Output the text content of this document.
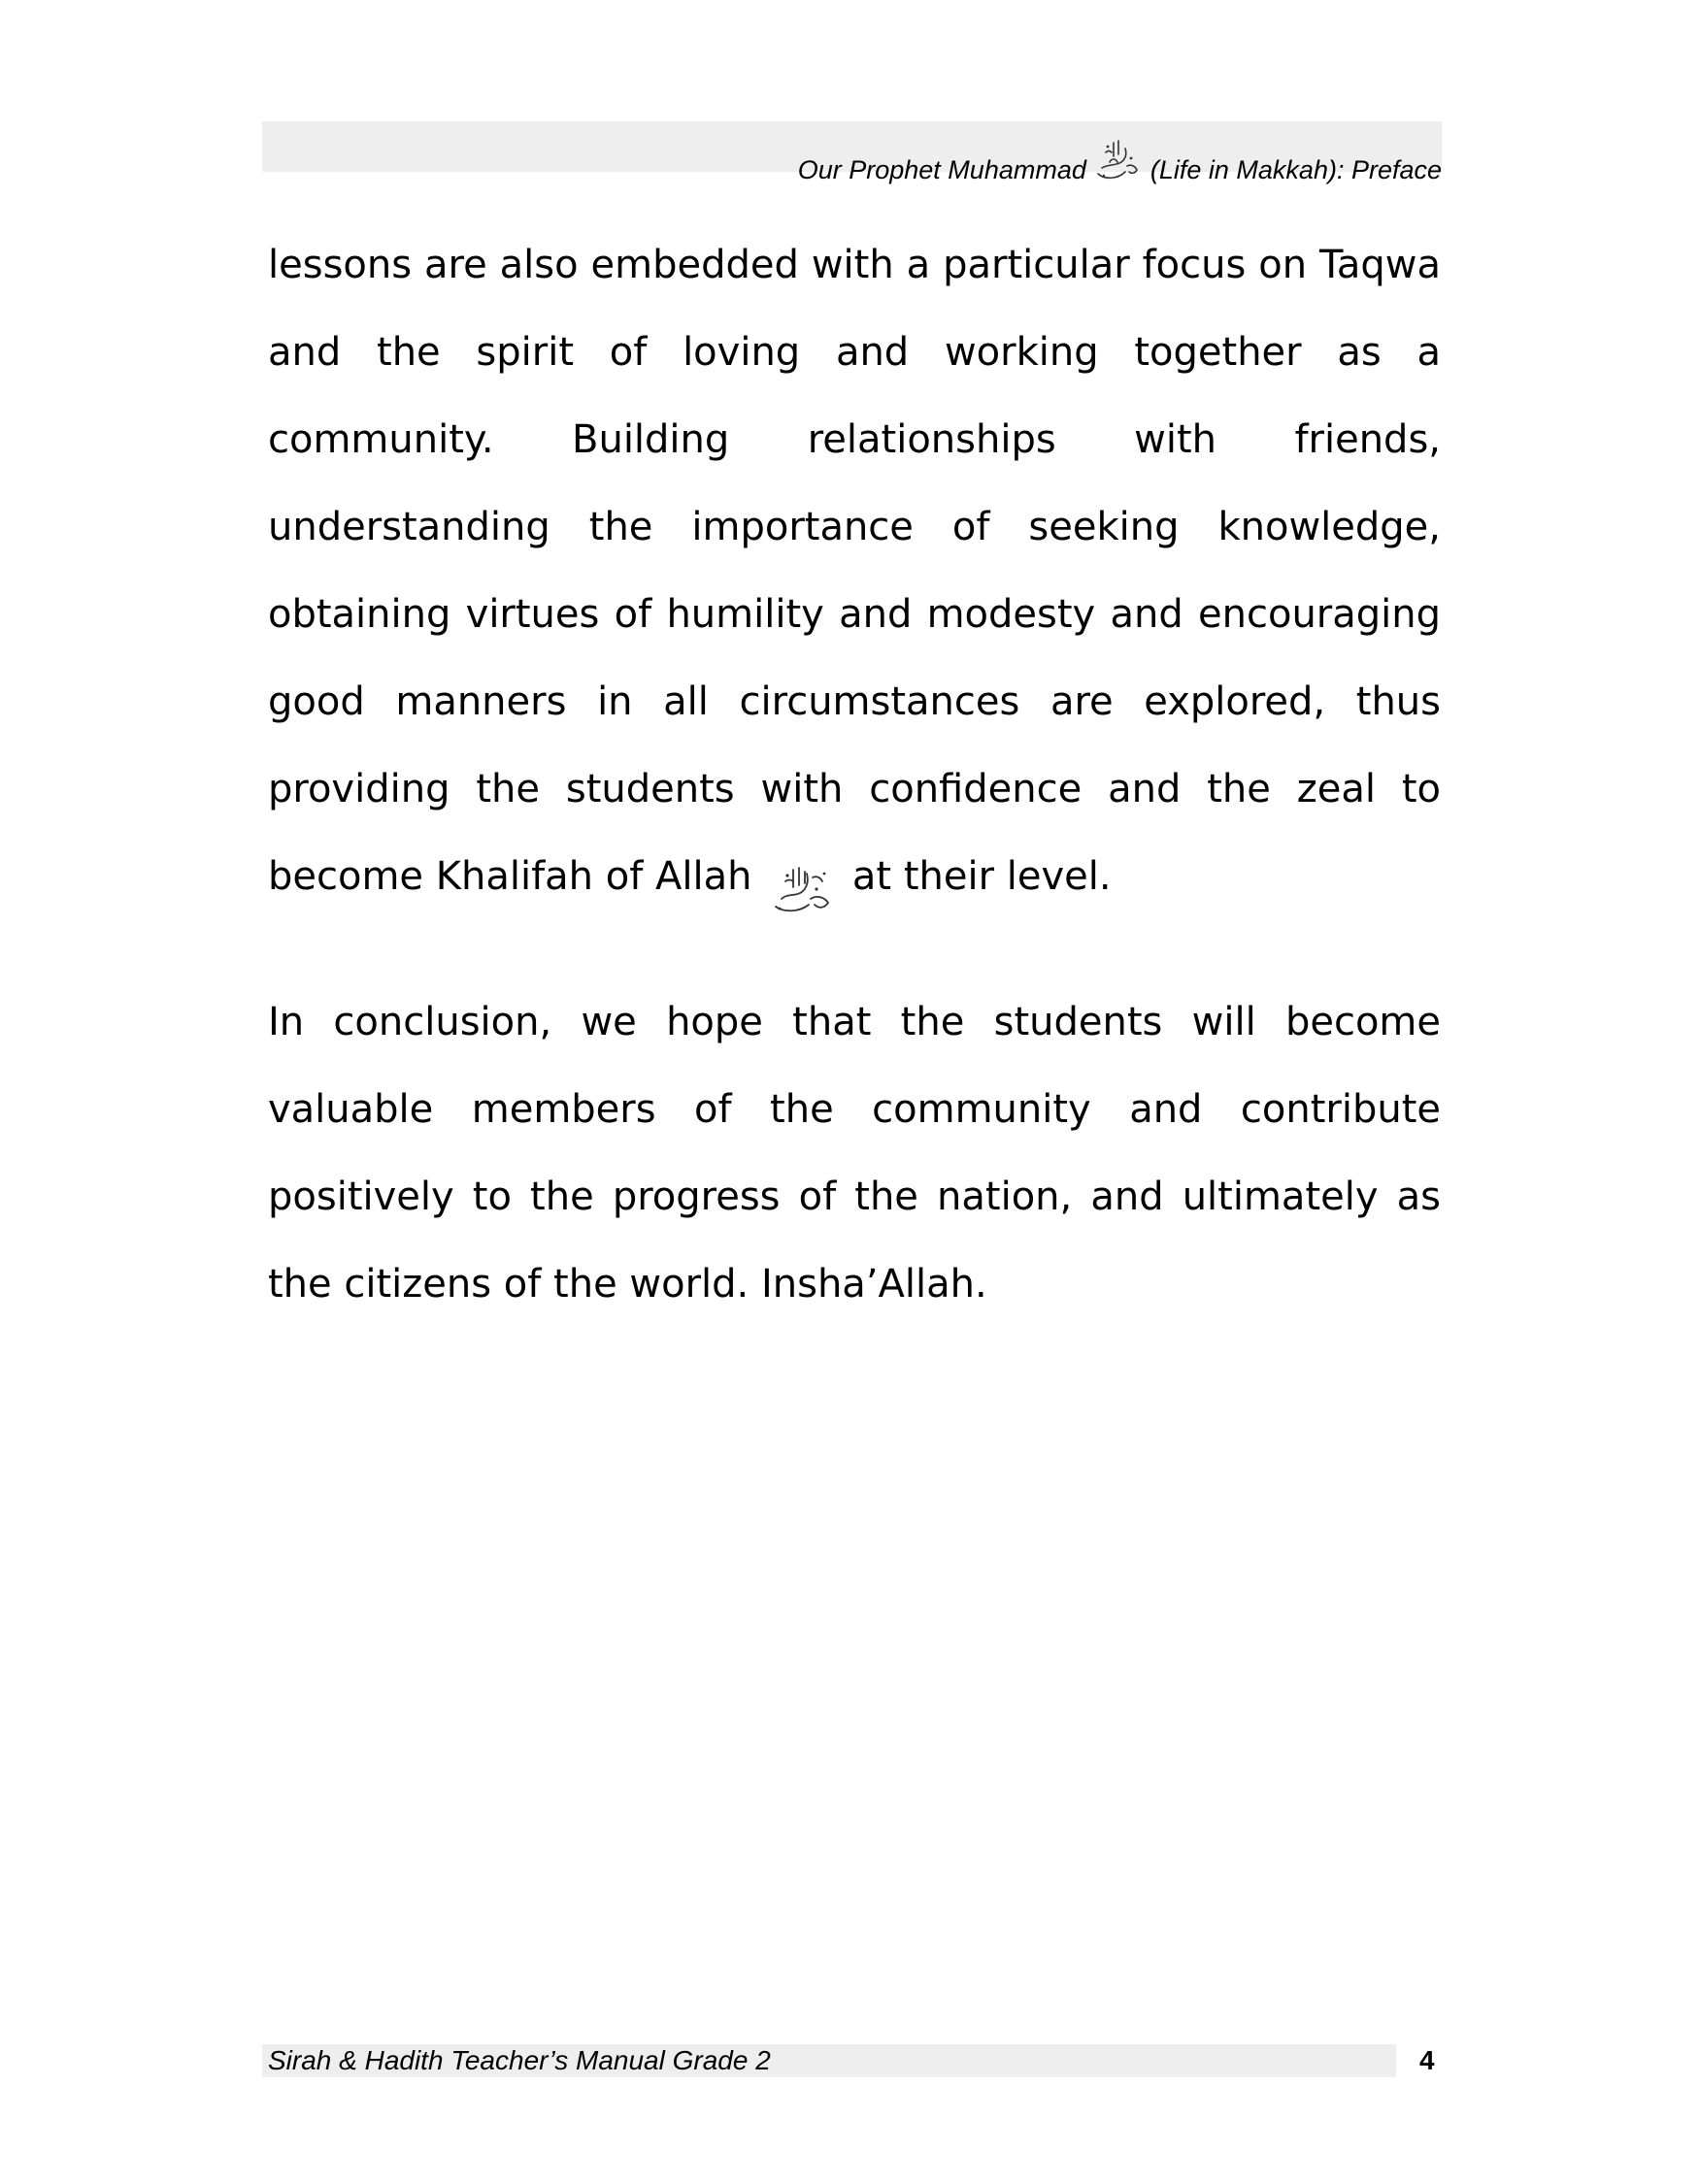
Our Prophet Muhammad (Life in Makkah): Preface

lessons are also embedded with a particular focus on Taqwa and the spirit of loving and working together as a community. Building relationships with friends, understanding the importance of seeking knowledge, obtaining virtues of humility and modesty and encouraging good manners in all circumstances are explored, thus providing the students with confidence and the zeal to become Khalifah of Allah	at their level.

In conclusion, we hope that the students will become valuable members of the community and contribute positively to the progress of the nation, and ultimately as the citizens of the world. Insha’Allah.

Sirah & Hadith Teacher’s Manual Grade 2	4
